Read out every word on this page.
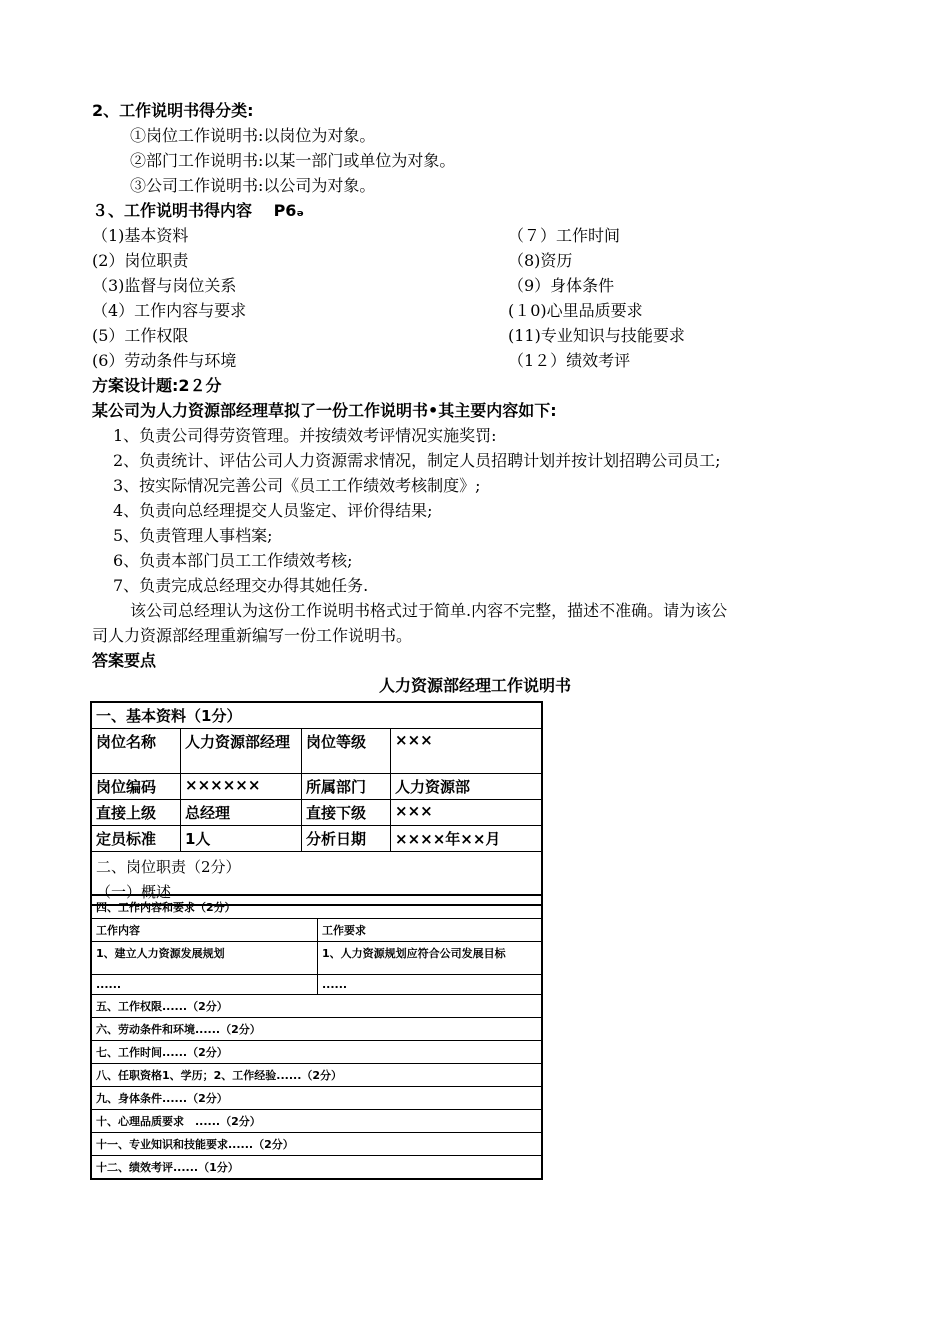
2、工作说明书得分类:
①岗位工作说明书:以岗位为对象。
②部门工作说明书:以某一部门或单位为对象。
③公司工作说明书:以公司为对象。
３、工作说明书得内容　 P6ₔ
（1)基本资料	（７）工作时间
(2）岗位职责	（8)资历
（3)监督与岗位关系	（9）身体条件
（4）工作内容与要求	(１0)心里品质要求
(5）工作权限	(11)专业知识与技能要求
(6）劳动条件与环境	（1２）绩效考评
方案设计题:2２分
某公司为人力资源部经理草拟了一份工作说明书•其主要内容如下:
1、负责公司得劳资管理。并按绩效考评情况实施奖罚:
2、负责统计、评估公司人力资源需求情况，制定人员招聘计划并按计划招聘公司员工;
3、按实际情况完善公司《员工工作绩效考核制度》;
4、负责向总经理提交人员鉴定、评价得结果;
5、负责管理人事档案;
6、负责本部门员工工作绩效考核;
7、负责完成总经理交办得其她任务.
该公司总经理认为这份工作说明书格式过于简单.内容不完整，描述不准确。请为该公
司人力资源部经理重新编写一份工作说明书。
答案要点
人力资源部经理工作说明书
一、基本资料（1分）			
岗位名称	人力资源部经理	岗位等级	×××
岗位编码	××××××	所属部门	人力资源部
直接上级	总经理	直接下级	×××
定员标准	1人	分析日期	××××年××月
二、岗位职责（2分）			
（一）概述			
四、工作内容和要求（2分）	
工作内容	工作要求
1、建立人力资源发展规划	1、人力资源规划应符合公司发展目标
......	......
五、工作权限......（2分）	
六、劳动条件和环境......（2分）	
七、工作时间......（2分）	
八、任职资格1、学历；2、工作经验......（2分）	
九、身体条件......（2分）	
十、心理品质要求　......（2分）	
十一、专业知识和技能要求......（2分）	
十二、绩效考评......（1分）	
